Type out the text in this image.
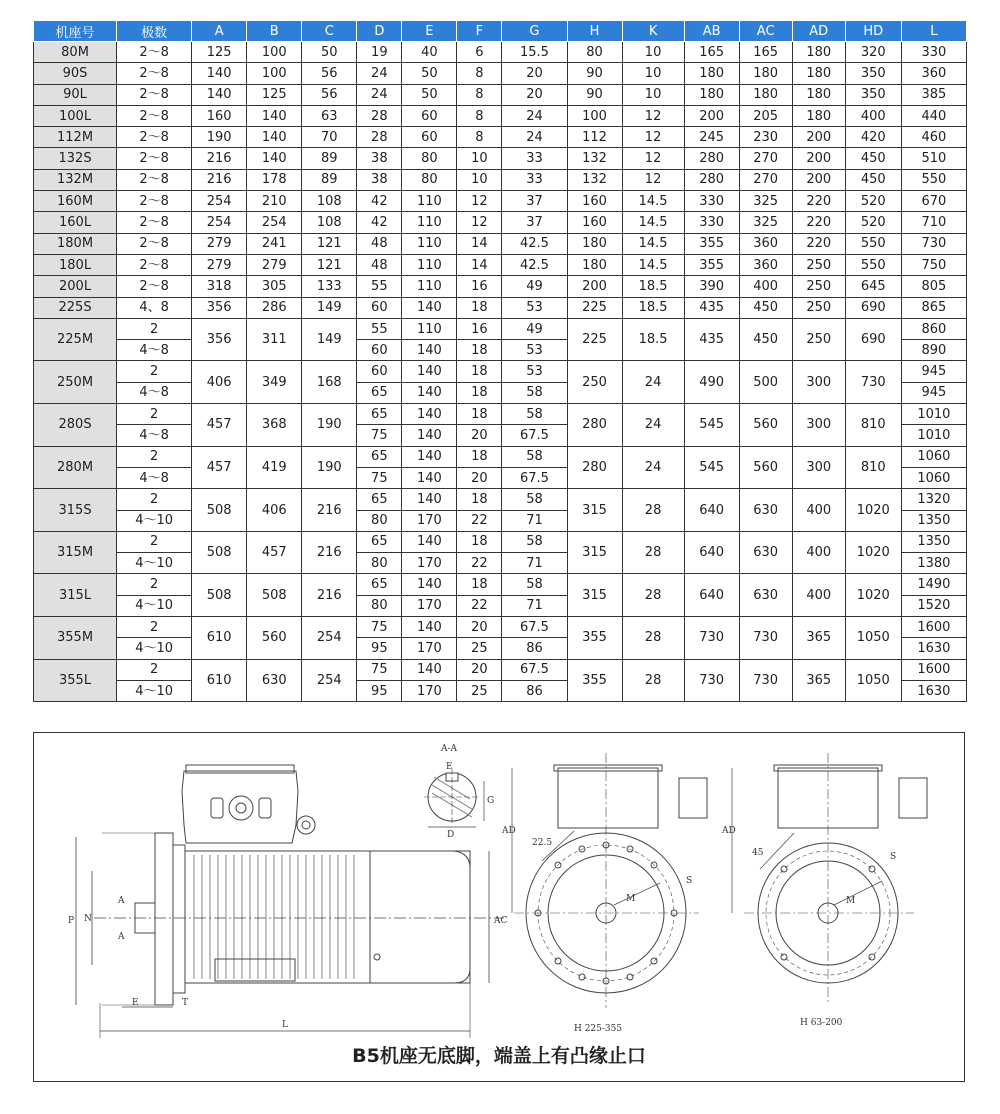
机座号	极数	A	B	C	D	E	F	G	H	K	AB	AC	AD	HD	L
80M	2～8	125	100	50	19	40	6	15.5	80	10	165	165	180	320	330
90S	2～8	140	100	56	24	50	8	20	90	10	180	180	180	350	360
90L	2～8	140	125	56	24	50	8	20	90	10	180	180	180	350	385
100L	2～8	160	140	63	28	60	8	24	100	12	200	205	180	400	440
112M	2～8	190	140	70	28	60	8	24	112	12	245	230	200	420	460
132S	2～8	216	140	89	38	80	10	33	132	12	280	270	200	450	510
132M	2～8	216	178	89	38	80	10	33	132	12	280	270	200	450	550
160M	2～8	254	210	108	42	110	12	37	160	14.5	330	325	220	520	670
160L	2～8	254	254	108	42	110	12	37	160	14.5	330	325	220	520	710
180M	2～8	279	241	121	48	110	14	42.5	180	14.5	355	360	220	550	730
180L	2～8	279	279	121	48	110	14	42.5	180	14.5	355	360	250	550	750
200L	2～8	318	305	133	55	110	16	49	200	18.5	390	400	250	645	805
225S	4、8	356	286	149	60	140	18	53	225	18.5	435	450	250	690	865
225M	2	356	311	149	55	110	16	49	225	18.5	435	450	250	690	860
	4～8				60	140	18	53							890
250M	2	406	349	168	60	140	18	53	250	24	490	500	300	730	945
	4～8				65	140	18	58							945
280S	2	457	368	190	65	140	18	58	280	24	545	560	300	810	1010
	4～8				75	140	20	67.5							1010
280M	2	457	419	190	65	140	18	58	280	24	545	560	300	810	1060
	4～8				75	140	20	67.5							1060
315S	2	508	406	216	65	140	18	58	315	28	640	630	400	1020	1320
	4～10				80	170	22	71							1350
315M	2	508	457	216	65	140	18	58	315	28	640	630	400	1020	1350
	4～10				80	170	22	71							1380
315L	2	508	508	216	65	140	18	58	315	28	640	630	400	1020	1490
	4～10				80	170	22	71							1520
355M	2	610	560	254	75	140	20	67.5	355	28	730	730	365	1050	1600
	4～10				95	170	25	86							1630
355L	2	610	630	254	75	140	20	67.5	355	28	730	730	365	1050	1600
	4～10				95	170	25	86							1630
P N
A
A
E	T
L
AC
A-A
E
G
D	AD
22.5
M
S
AD
45
M
S
H 225-355
H 63-200
B5机座无底脚，端盖上有凸缘止口
